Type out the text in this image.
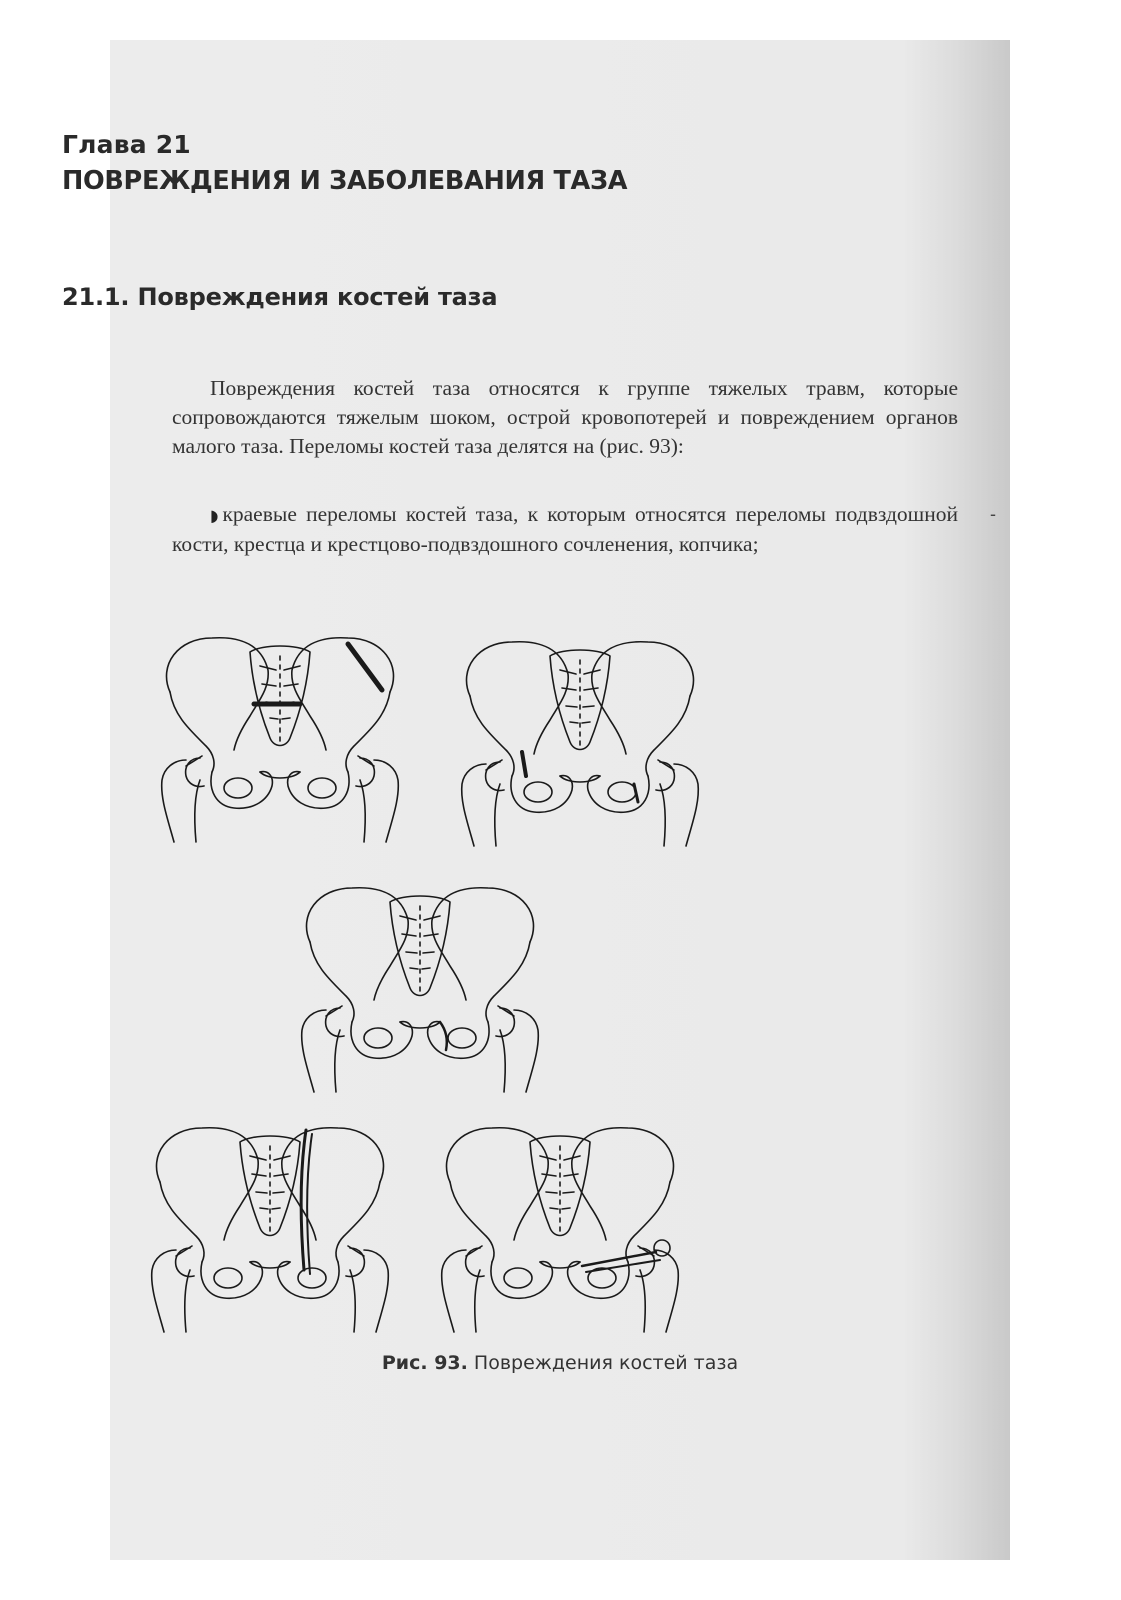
Глава 21
ПОВРЕЖДЕНИЯ И ЗАБОЛЕВАНИЯ ТАЗА
21.1. Повреждения костей таза

Повреждения костей таза относятся к группе тяжелых травм, которые сопровождаются тяжелым шоком, острой кровопотерей и повреждением органов малого таза. Переломы костей таза делятся на (рис. 93):

◗ краевые переломы костей таза, к которым относятся переломы подвздошной кости, крестца и крестцово-подвздошного сочленения, копчика;

-
Рис. 93. Повреждения костей таза
